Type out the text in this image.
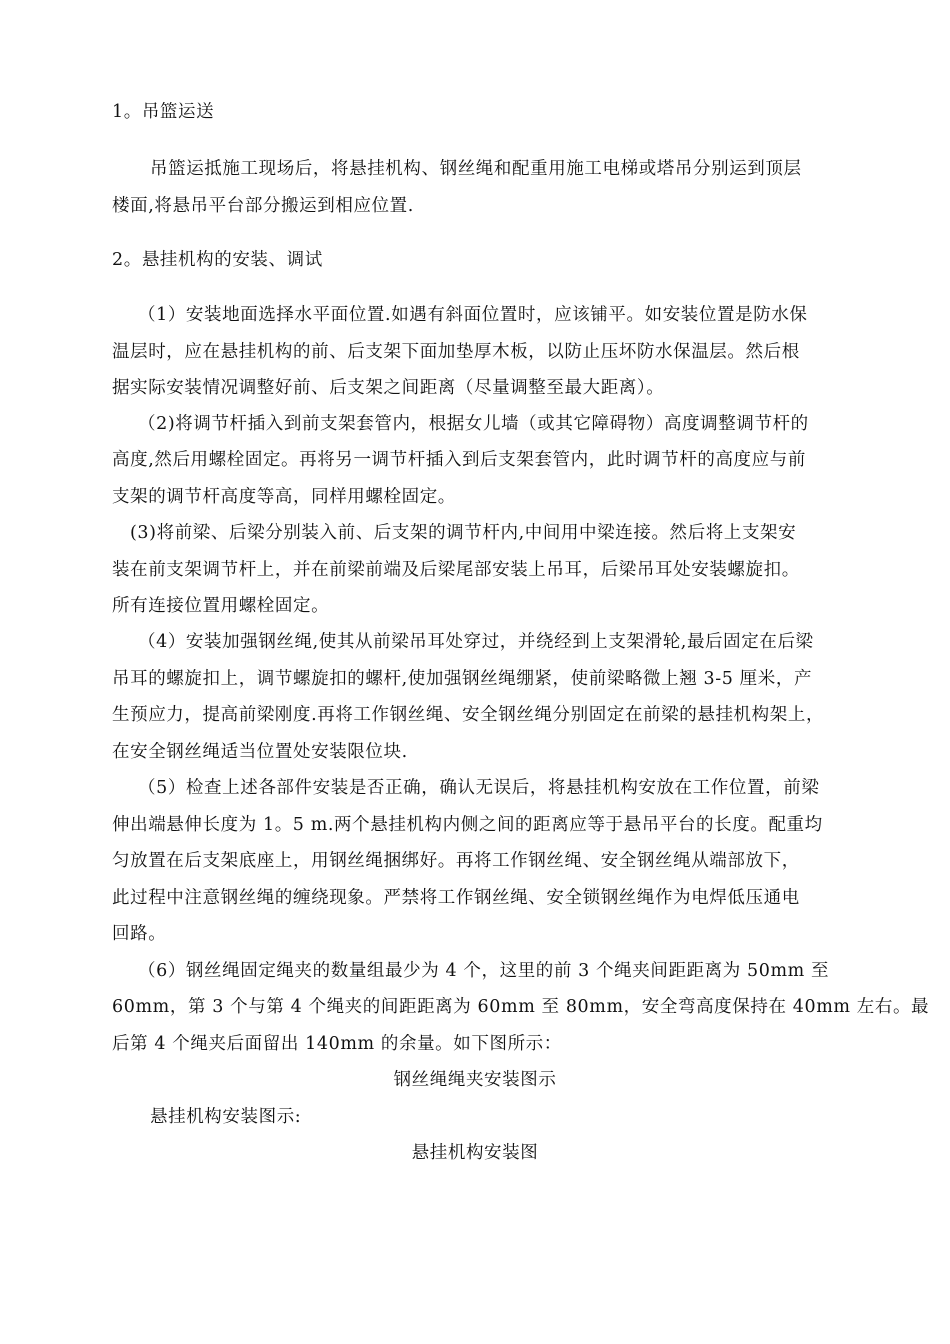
1。吊篮运送
吊篮运抵施工现场后，将悬挂机构、钢丝绳和配重用施工电梯或塔吊分别运到顶层
楼面,将悬吊平台部分搬运到相应位置.
2。悬挂机构的安装、调试
（1）安装地面选择水平面位置.如遇有斜面位置时，应该铺平。如安装位置是防水保
温层时，应在悬挂机构的前、后支架下面加垫厚木板，以防止压坏防水保温层。然后根
据实际安装情况调整好前、后支架之间距离（尽量调整至最大距离）。
（2)将调节杆插入到前支架套管内，根据女儿墙（或其它障碍物）高度调整调节杆的
高度,然后用螺栓固定。再将另一调节杆插入到后支架套管内，此时调节杆的高度应与前
支架的调节杆高度等高，同样用螺栓固定。
(3)将前梁、后梁分别装入前、后支架的调节杆内,中间用中梁连接。然后将上支架安
装在前支架调节杆上，并在前梁前端及后梁尾部安装上吊耳，后梁吊耳处安装螺旋扣。
所有连接位置用螺栓固定。
（4）安装加强钢丝绳,使其从前梁吊耳处穿过，并绕经到上支架滑轮,最后固定在后梁
吊耳的螺旋扣上，调节螺旋扣的螺杆,使加强钢丝绳绷紧，使前梁略微上翘 3-5 厘米，产
生预应力，提高前梁刚度.再将工作钢丝绳、安全钢丝绳分别固定在前梁的悬挂机构架上，
在安全钢丝绳适当位置处安装限位块.
（5）检查上述各部件安装是否正确，确认无误后，将悬挂机构安放在工作位置，前梁
伸出端悬伸长度为 1。5 m.两个悬挂机构内侧之间的距离应等于悬吊平台的长度。配重均
匀放置在后支架底座上，用钢丝绳捆绑好。再将工作钢丝绳、安全钢丝绳从端部放下，
此过程中注意钢丝绳的缠绕现象。严禁将工作钢丝绳、安全锁钢丝绳作为电焊低压通电
回路。
（6）钢丝绳固定绳夹的数量组最少为 4 个，这里的前 3 个绳夹间距距离为 50mm 至
60mm，第 3 个与第 4 个绳夹的间距距离为 60mm 至 80mm，安全弯高度保持在 40mm 左右。最
后第 4 个绳夹后面留出 140mm 的余量。如下图所示：
钢丝绳绳夹安装图示
悬挂机构安装图示:
悬挂机构安装图
